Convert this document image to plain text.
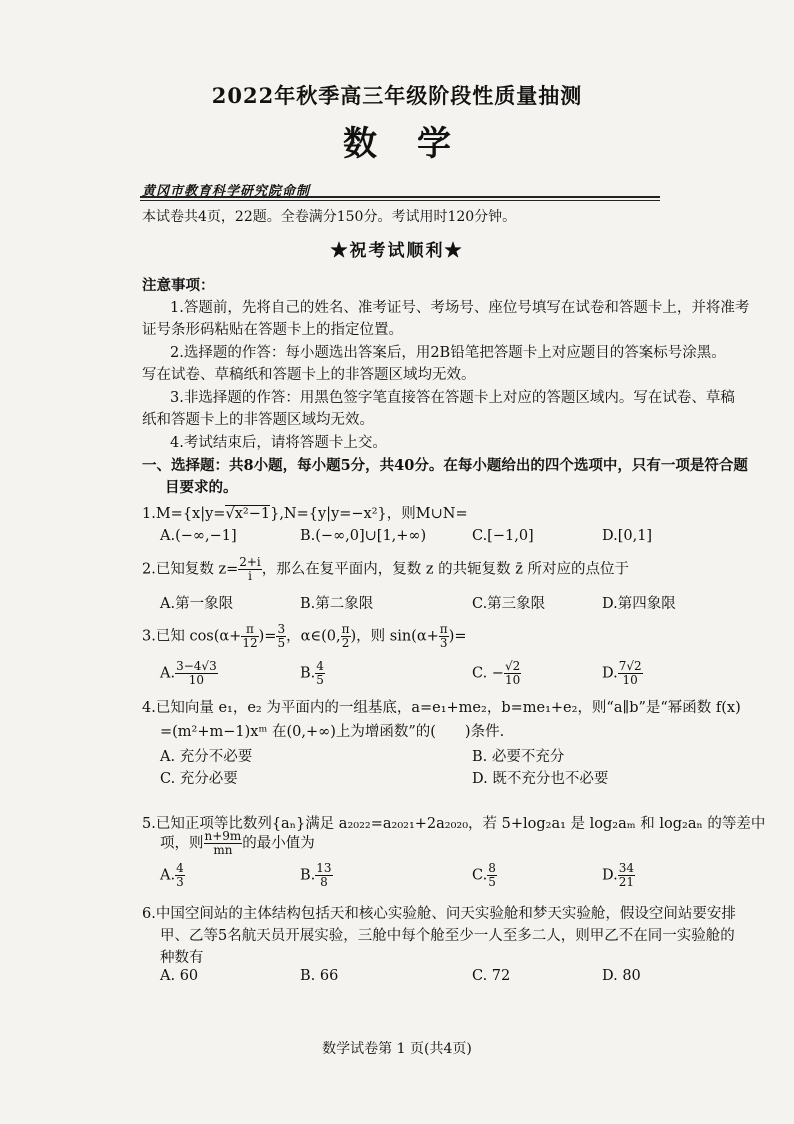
2022年秋季高三年级阶段性质量抽测
数学
黄冈市教育科学研究院命制
本试卷共4页，22题。全卷满分150分。考试用时120分钟。
★祝考试顺利★
注意事项：
1.答题前，先将自己的姓名、准考证号、考场号、座位号填写在试卷和答题卡上，并将准考
证号条形码粘贴在答题卡上的指定位置。
2.选择题的作答：每小题选出答案后，用2B铅笔把答题卡上对应题目的答案标号涂黑。
写在试卷、草稿纸和答题卡上的非答题区域均无效。
3.非选择题的作答：用黑色签字笔直接答在答题卡上对应的答题区域内。写在试卷、草稿
纸和答题卡上的非答题区域均无效。
4.考试结束后，请将答题卡上交。
一、选择题：共8小题，每小题5分，共40分。在每小题给出的四个选项中，只有一项是符合题
目要求的。
1.M={x|y=√x²−1},N={y|y=−x²}，则M∪N=
A.(−∞,−1]	B.(−∞,0]∪[1,+∞)	C.[−1,0]	D.[0,1]
2.已知复数 $z= \frac{2+i}{i}$ ，那么在复平面内，复数 z 的共轭复数 z̄ 所对应的点位于
A.第一象限	B.第二象限	C.第三象限	D.第四象限
3.已知 $\cos(\alpha+ \frac{\pi}{12}$ )= $\frac{3}{5}$ ，α∈(0, $\frac{\pi}{2}$ )，则 $\sin(\alpha+ \frac{\pi}{3}$ )=
A. $\frac{3-4√3}{10}$	B. $\frac{4}{5}$	C. − $\frac{√2}{10}$	D. $\frac{7√2}{10}$
4.已知向量 e₁，e₂ 为平面内的一组基底，a=e₁+me₂，b=me₁+e₂，则“a∥b”是“幂函数 f(x)
=(m²+m−1)xᵐ 在(0,+∞)上为增函数”的(　　)条件.
A. 充分不必要	B. 必要不充分
C. 充分必要	D. 既不充分也不必要
5.已知正项等比数列{aₙ}满足 a₂₀₂₂=a₂₀₂₁+2a₂₀₂₀，若 5+log₂a₁ 是 log₂aₘ 和 log₂aₙ 的等差中
项，则 $\frac{n+9m}{mn}$ 的最小值为
A. $\frac{4}{3}$	B. $\frac{13}{8}$	C. $\frac{8}{5}$	D. $\frac{34}{21}$
6.中国空间站的主体结构包括天和核心实验舱、问天实验舱和梦天实验舱，假设空间站要安排
甲、乙等5名航天员开展实验，三舱中每个舱至少一人至多二人，则甲乙不在同一实验舱的
种数有
A. 60	B. 66	C. 72	D. 80
数学试卷第 1 页(共4页)
